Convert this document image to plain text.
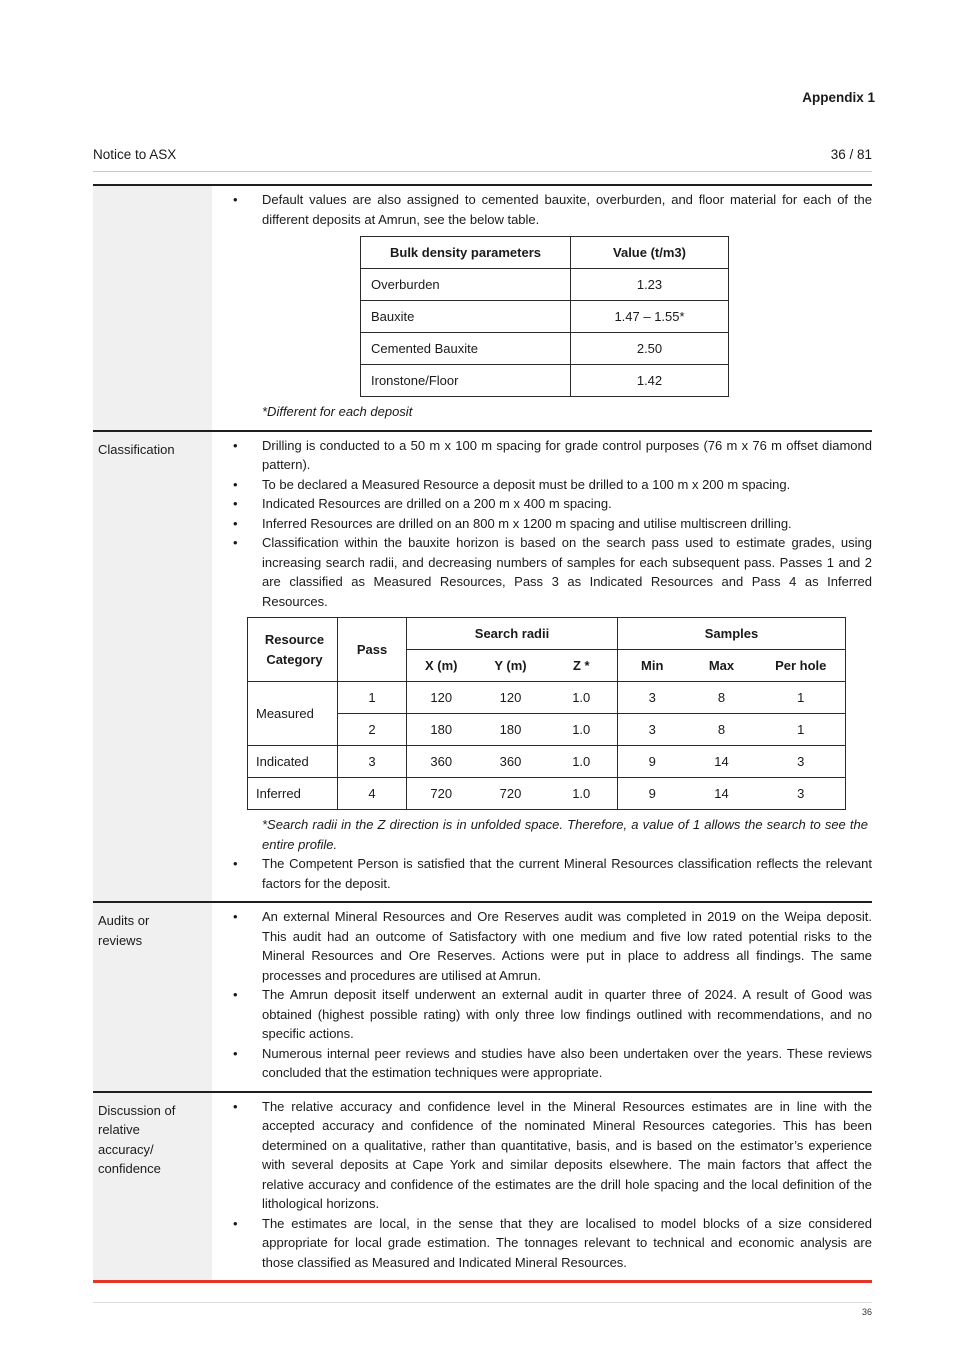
Appendix 1
Notice to ASX	36 / 81
• Default values are also assigned to cemented bauxite, overburden, and floor material for each of the different deposits at Amrun, see the below table.
Bulk density parameters	Value (t/m3)
Overburden	1.23
Bauxite	1.47 – 1.55*
Cemented Bauxite	2.50
Ironstone/Floor	1.42
*Different for each deposit
Classification	• Drilling is conducted to a 50 m x 100 m spacing for grade control purposes (76 m x 76 m offset diamond pattern).
• To be declared a Measured Resource a deposit must be drilled to a 100 m x 200 m spacing.
• Indicated Resources are drilled on a 200 m x 400 m spacing.
• Inferred Resources are drilled on an 800 m x 1200 m spacing and utilise multiscreen drilling.
• Classification within the bauxite horizon is based on the search pass used to estimate grades, using increasing search radii, and decreasing numbers of samples for each subsequent pass. Passes 1 and 2 are classified as Measured Resources, Pass 3 as Indicated Resources and Pass 4 as Inferred Resources.
Resource Category	Pass	Search radii			Samples		
		X (m)	Y (m)	Z *	Min	Max	Per hole
Measured	1	120	120	1.0	3	8	1
	2	180	180	1.0	3	8	1
Indicated	3	360	360	1.0	9	14	3
Inferred	4	720	720	1.0	9	14	3
*Search radii in the Z direction is in unfolded space. Therefore, a value of 1 allows the search to see the entire profile.
• The Competent Person is satisfied that the current Mineral Resources classification reflects the relevant factors for the deposit.
Audits or reviews
• An external Mineral Resources and Ore Reserves audit was completed in 2019 on the Weipa deposit. This audit had an outcome of Satisfactory with one medium and five low rated potential risks to the Mineral Resources and Ore Reserves. Actions were put in place to address all findings. The same processes and procedures are utilised at Amrun.
• The Amrun deposit itself underwent an external audit in quarter three of 2024. A result of Good was obtained (highest possible rating) with only three low findings outlined with recommendations, and no specific actions.
• Numerous internal peer reviews and studies have also been undertaken over the years. These reviews concluded that the estimation techniques were appropriate.
Discussion of relative accuracy/ confidence
• The relative accuracy and confidence level in the Mineral Resources estimates are in line with the accepted accuracy and confidence of the nominated Mineral Resources categories. This has been determined on a qualitative, rather than quantitative, basis, and is based on the estimator’s experience with several deposits at Cape York and similar deposits elsewhere. The main factors that affect the relative accuracy and confidence of the estimates are the drill hole spacing and the local definition of the lithological horizons.
• The estimates are local, in the sense that they are localised to model blocks of a size considered appropriate for local grade estimation. The tonnages relevant to technical and economic analysis are those classified as Measured and Indicated Mineral Resources.
36
